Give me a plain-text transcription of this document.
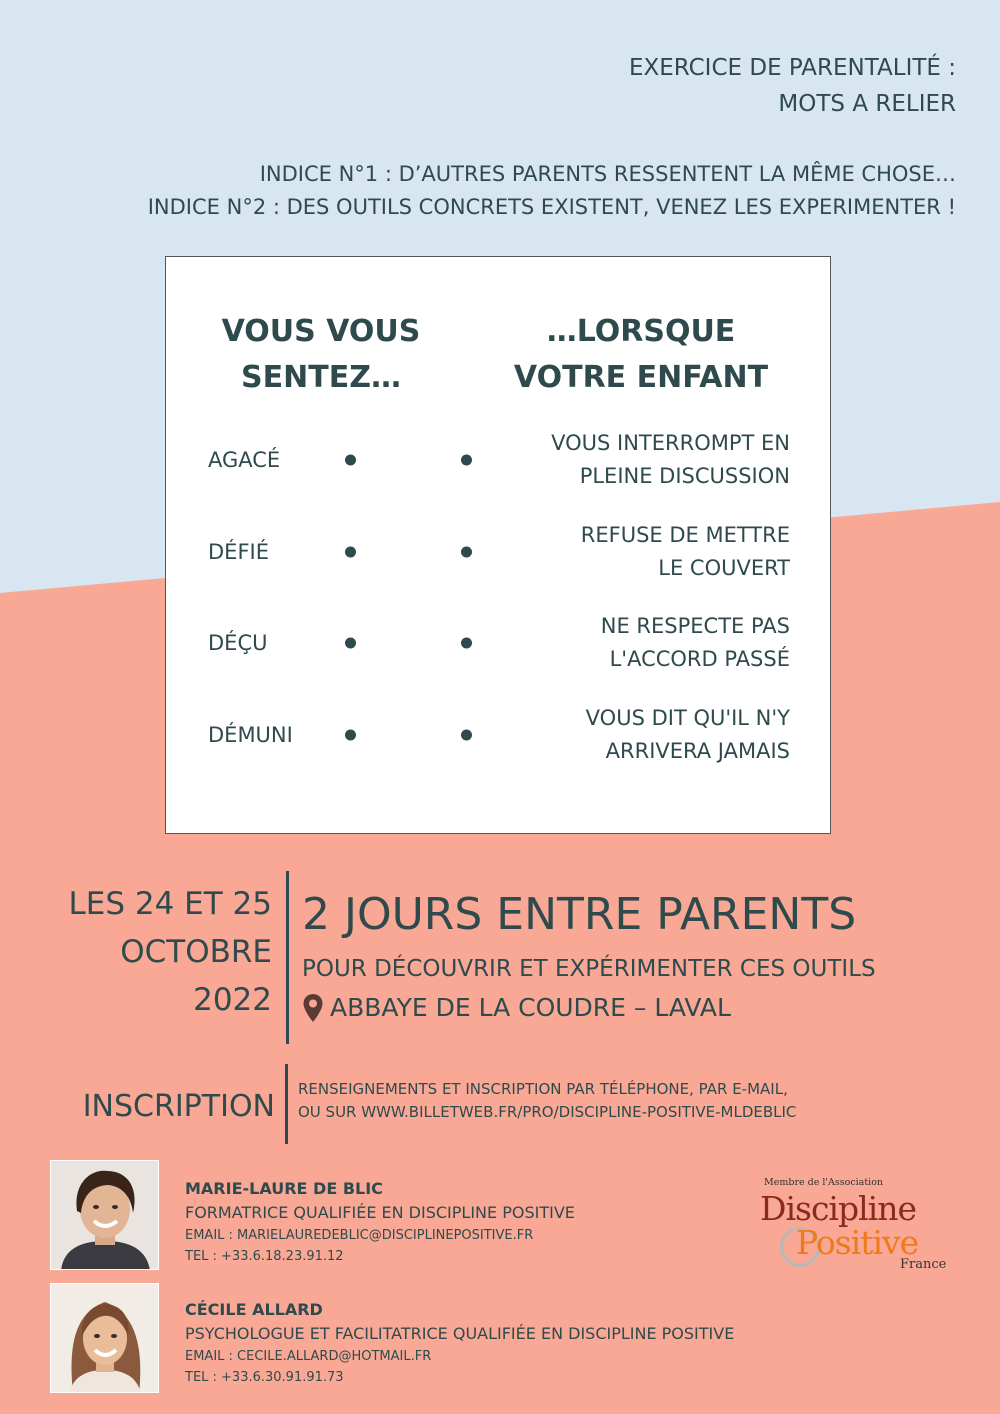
EXERCICE DE PARENTALITÉ :
MOTS A RELIER
INDICE N°1 : D’AUTRES PARENTS RESSENTENT LA MÊME CHOSE…
INDICE N°2 : DES OUTILS CONCRETS EXISTENT, VENEZ LES EXPERIMENTER !
VOUS VOUS
SENTEZ…
…LORSQUE
VOTRE ENFANT
AGACÉ
VOUS INTERROMPT EN
PLEINE DISCUSSION
DÉFIÉ
REFUSE DE METTRE
LE COUVERT
DÉÇU
NE RESPECTE PAS
L'ACCORD PASSÉ
DÉMUNI
VOUS DIT QU'IL N'Y
ARRIVERA JAMAIS
LES 24 ET 25
OCTOBRE
2022
2 JOURS ENTRE PARENTS
POUR DÉCOUVRIR ET EXPÉRIMENTER CES OUTILS
ABBAYE DE LA COUDRE – LAVAL
INSCRIPTION RENSEIGNEMENTS ET INSCRIPTION PAR TÉLÉPHONE, PAR E-MAIL,
OU SUR WWW.BILLETWEB.FR/PRO/DISCIPLINE-POSITIVE-MLDEBLIC
MARIE-LAURE DE BLIC
FORMATRICE QUALIFIÉE EN DISCIPLINE POSITIVE
EMAIL : MARIELAUREDEBLIC@DISCIPLINEPOSITIVE.FR
TEL : +33.6.18.23.91.12
CÉCILE ALLARD
PSYCHOLOGUE ET FACILITATRICE QUALIFIÉE EN DISCIPLINE POSITIVE
EMAIL : CECILE.ALLARD@HOTMAIL.FR
TEL : +33.6.30.91.91.73
Membre de l'Association
Discipline
Positive
France
